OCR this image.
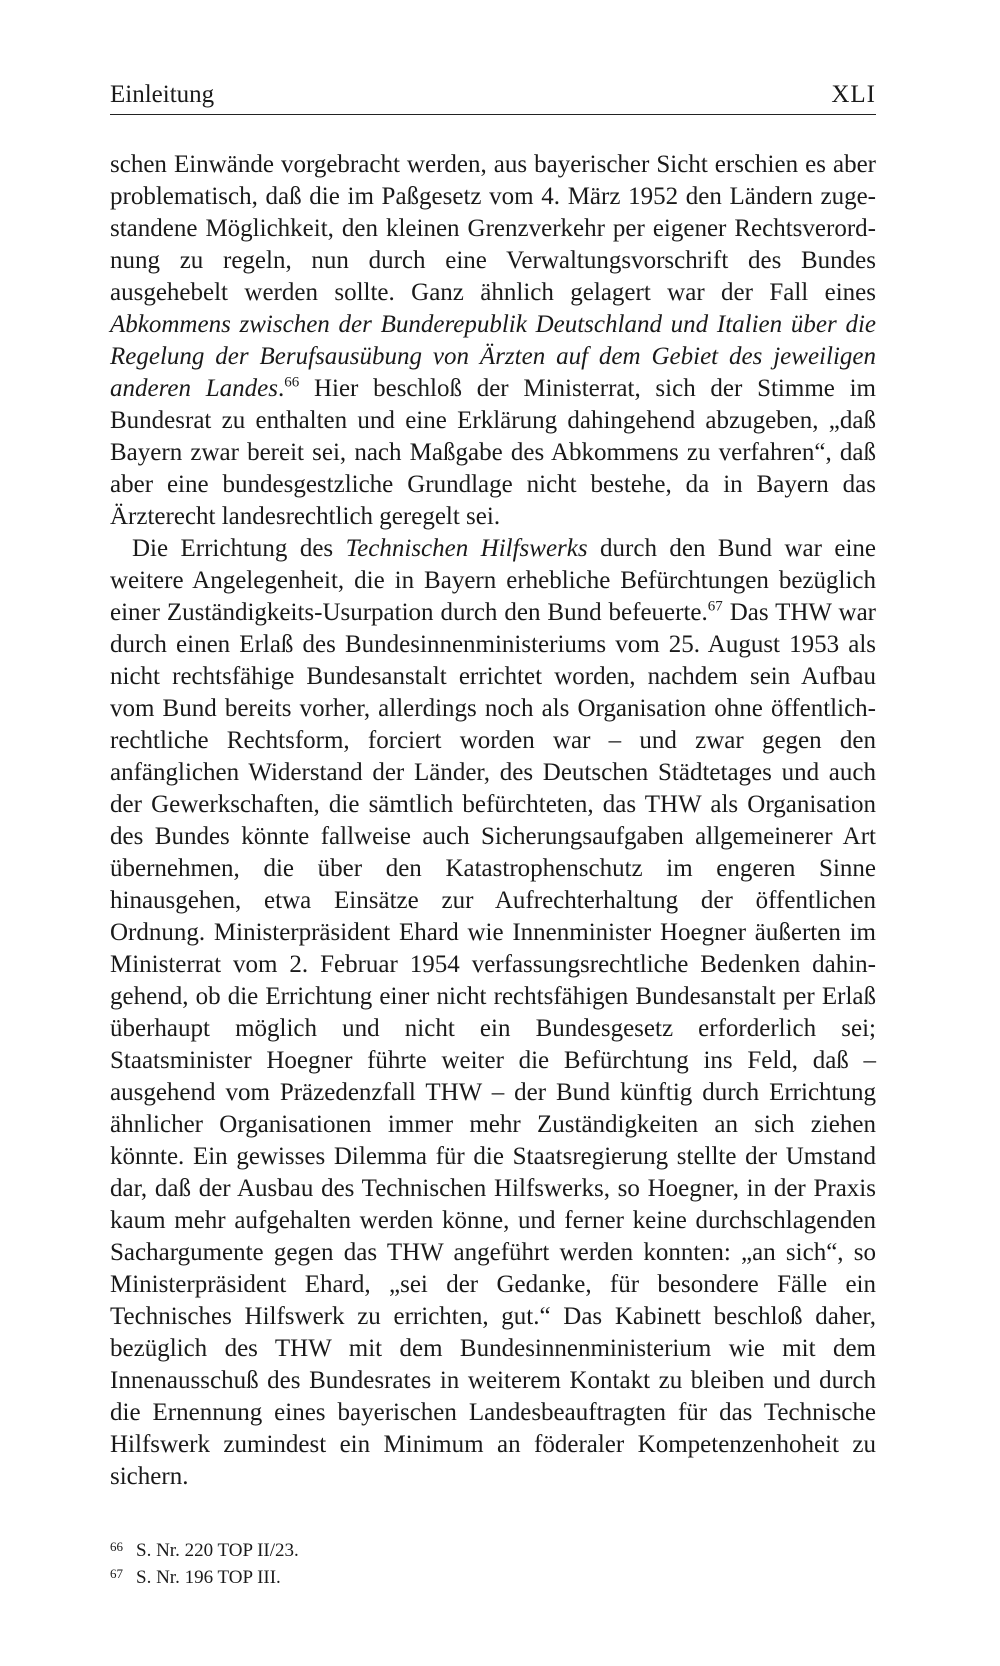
Einleitung	XLI

schen Einwände vorgebracht werden, aus bayerischer Sicht erschien es aber problematisch, daß die im Paßgesetz vom 4. März 1952 den Ländern zugestandene Möglichkeit, den kleinen Grenzverkehr per eigener Rechtsverordnung zu regeln, nun durch eine Verwaltungsvorschrift des Bundes ausgehebelt werden sollte. Ganz ähnlich gelagert war der Fall eines Abkommens zwischen der Bunderepublik Deutschland und Italien über die Regelung der Berufsausübung von Ärzten auf dem Gebiet des jeweiligen anderen Landes.$^{66}$ Hier beschloß der Ministerrat, sich der Stimme im Bundesrat zu enthalten und eine Erklärung dahingehend abzugeben, „daß Bayern zwar bereit sei, nach Maßgabe des Abkommens zu verfahren“, daß aber eine bundesgestzliche Grundlage nicht bestehe, da in Bayern das Ärzterecht landesrechtlich geregelt sei.

Die Errichtung des Technischen Hilfswerks durch den Bund war eine weitere Angelegenheit, die in Bayern erhebliche Befürchtungen bezüglich einer Zuständigkeits-Usurpation durch den Bund befeuerte.$^{67}$ Das THW war durch einen Erlaß des Bundesinnenministeriums vom 25. August 1953 als nicht rechtsfähige Bundesanstalt errichtet worden, nachdem sein Aufbau vom Bund bereits vorher, allerdings noch als Organisation ohne öffentlich-rechtliche Rechtsform, forciert worden war – und zwar gegen den anfänglichen Widerstand der Länder, des Deutschen Städtetages und auch der Gewerkschaften, die sämtlich befürchteten, das THW als Organisation des Bundes könnte fallweise auch Sicherungsaufgaben allgemeinerer Art übernehmen, die über den Katastrophenschutz im engeren Sinne hinausgehen, etwa Einsätze zur Aufrechterhaltung der öffentlichen Ordnung. Ministerpräsident Ehard wie Innenminister Hoegner äußerten im Ministerrat vom 2. Februar 1954 verfassungsrechtliche Bedenken dahingehend, ob die Errichtung einer nicht rechtsfähigen Bundesanstalt per Erlaß überhaupt möglich und nicht ein Bundesgesetz erforderlich sei; Staatsminister Hoegner führte weiter die Befürchtung ins Feld, daß – ausgehend vom Präzedenzfall THW – der Bund künftig durch Errichtung ähnlicher Organisationen immer mehr Zuständigkeiten an sich ziehen könnte. Ein gewisses Dilemma für die Staatsregierung stellte der Umstand dar, daß der Ausbau des Technischen Hilfswerks, so Hoegner, in der Praxis kaum mehr aufgehalten werden könne, und ferner keine durchschlagenden Sachargumente gegen das THW angeführt werden konnten: „an sich“, so Ministerpräsident Ehard, „sei der Gedanke, für besondere Fälle ein Technisches Hilfswerk zu errichten, gut.“ Das Kabinett beschloß daher, bezüglich des THW mit dem Bundesinnenministerium wie mit dem Innenausschuß des Bundesrates in weiterem Kontakt zu bleiben und durch die Ernennung eines bayerischen Landesbeauftragten für das Technische Hilfswerk zumindest ein Minimum an föderaler Kompetenzenhoheit zu sichern.

66 S. Nr. 220 TOP II/23.
67 S. Nr. 196 TOP III.
